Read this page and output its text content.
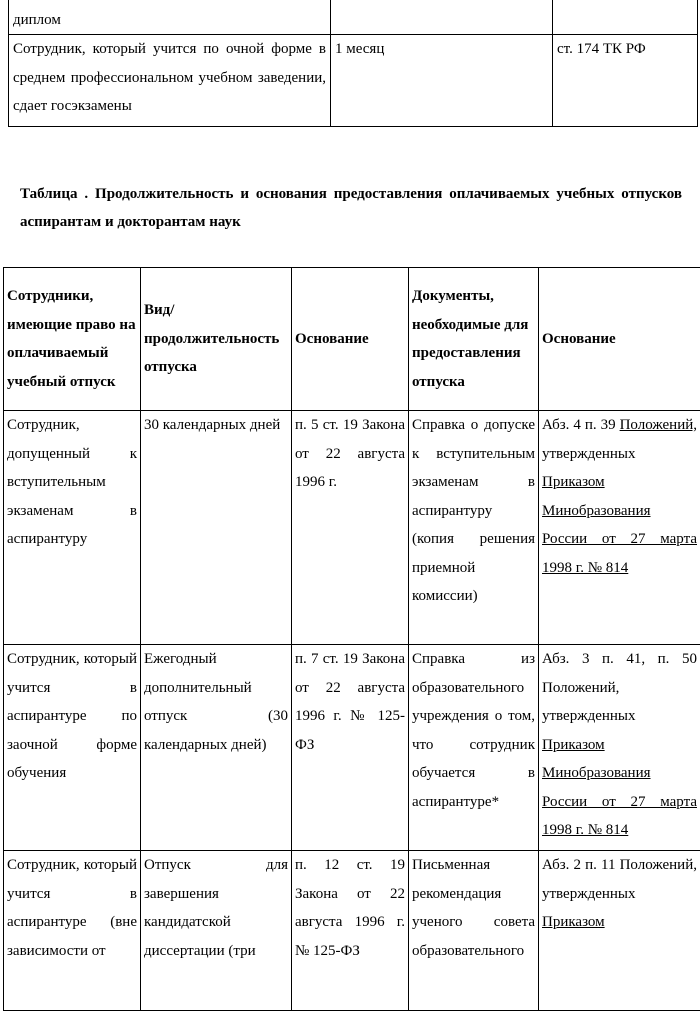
диплом		
Сотрудник, который учится по очной форме в среднем профессиональном учебном заведении, сдает госэкзамены	1 месяц	ст. 174 ТК РФ
Таблица . Продолжительность и основания предоставления оплачиваемых учебных отпусков аспирантам и докторантам наук
Сотрудники, имеющие право на оплачиваемый учебный отпуск	Вид/продолжительность отпуска	Основание	Документы, необходимые для предоставления отпуска	Основание
Сотрудник, допущенный к вступительным экзаменам в аспирантуру	30 календарных дней	п. 5 ст. 19 Закона от 22 августа 1996 г.	Справка о допуске к вступительным экзаменам в аспирантуру (копия решения приемной комиссии)	Абз. 4 п. 39 Положений, утвержденных Приказом Минобразования России от 27 марта 1998 г. № 814
Сотрудник, который учится в аспирантуре по заочной форме обучения	Ежегодный дополнительный отпуск (30 календарных дней)	п. 7 ст. 19 Закона от 22 августа 1996 г. № 125-ФЗ	Справка из образовательного учреждения о том, что сотрудник обучается в аспирантуре*	Абз. 3 п. 41, п. 50 Положений, утвержденных Приказом Минобразования России от 27 марта 1998 г. № 814
Сотрудник, который учится в аспирантуре (вне зависимости от	Отпуск для завершения кандидатской диссертации (три	п. 12 ст. 19 Закона от 22 августа 1996 г. № 125-ФЗ	Письменная рекомендация ученого совета образовательного	Абз. 2 п. 11 Положений, утвержденных Приказом
